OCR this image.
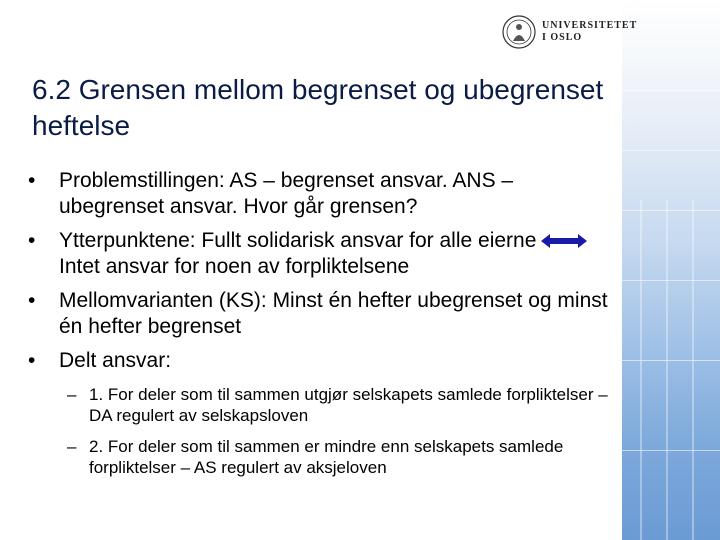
UNIVERSITETET
I OSLO
6.2 Grensen mellom begrenset og ubegrenset heftelse
• Problemstillingen: AS – begrenset ansvar. ANS – ubegrenset ansvar. Hvor går grensen?
• Ytterpunktene: Fullt solidarisk ansvar for alle eierneIntet ansvar for noen av forpliktelsene
• Mellomvarianten (KS): Minst én hefter ubegrenset og minst én hefter begrenset
• Delt ansvar:
– 1. For deler som til sammen utgjør selskapets samlede forpliktelser – DA regulert av selskapsloven
– 2. For deler som til sammen er mindre enn selskapets samlede forpliktelser – AS regulert av aksjeloven
